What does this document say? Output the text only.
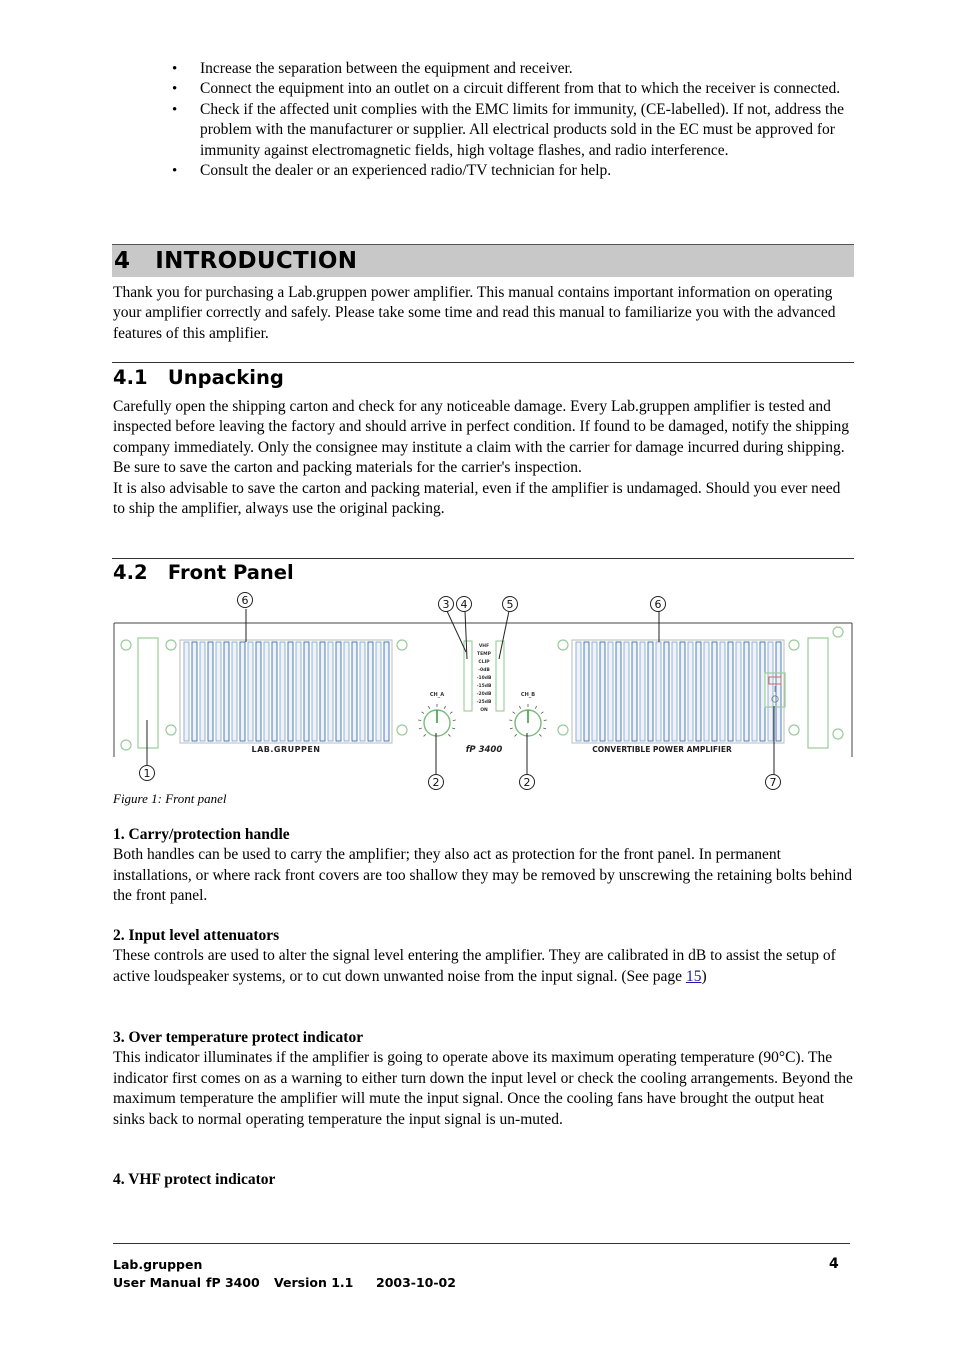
• Increase the separation between the equipment and receiver.
• Connect the equipment into an outlet on a circuit different from that to which the receiver is connected.
• Check if the affected unit complies with the EMC limits for immunity, (CE-labelled). If not, address the problem with the manufacturer or supplier. All electrical products sold in the EC must be approved for immunity against electromagnetic fields, high voltage flashes, and radio interference.
• Consult the dealer or an experienced radio/TV technician for help.
4   INTRODUCTION

Thank you for purchasing a Lab.gruppen power amplifier. This manual contains important information on operating your amplifier correctly and safely. Please take some time and read this manual to familiarize you with the advanced features of this amplifier.

4.1   Unpacking

Carefully open the shipping carton and check for any noticeable damage. Every Lab.gruppen amplifier is tested and inspected before leaving the factory and should arrive in perfect condition. If found to be damaged, notify the shipping company immediately. Only the consignee may institute a claim with the carrier for damage incurred during shipping. Be sure to save the carton and packing materials for the carrier's inspection.

It is also advisable to save the carton and packing material, even if the amplifier is undamaged. Should you ever need to ship the amplifier, always use the original packing.

4.2   Front Panel
VHF
TEMP
CLIP
-0dB
-10dB
-15dB
-20dB
-25dB
ON
CH_A	CH_B
LAB.GRUPPEN	fP 3400	CONVERTIBLE POWER AMPLIFIER
6	3 4	5	6
1
2	2	7
Figure 1: Front panel

1. Carry/protection handle

Both handles can be used to carry the amplifier; they also act as protection for the front panel. In permanent installations, or where rack front covers are too shallow they may be removed by unscrewing the retaining bolts behind the front panel.

2. Input level attenuators

These controls are used to alter the signal level entering the amplifier. They are calibrated in dB to assist the setup of active loudspeaker systems, or to cut down unwanted noise from the input signal. (See page 15)

3. Over temperature protect indicator

This indicator illuminates if the amplifier is going to operate above its maximum operating temperature (90°C). The indicator first comes on as a warning to either turn down the input level or check the cooling arrangements. Beyond the maximum temperature the amplifier will mute the input signal. Once the cooling fans have brought the output heat sinks back to normal operating temperature the input signal is un-muted.

4. VHF protect indicator

Lab.gruppen
User Manual fP 3400 Version 1.1 2003-10-02
4
